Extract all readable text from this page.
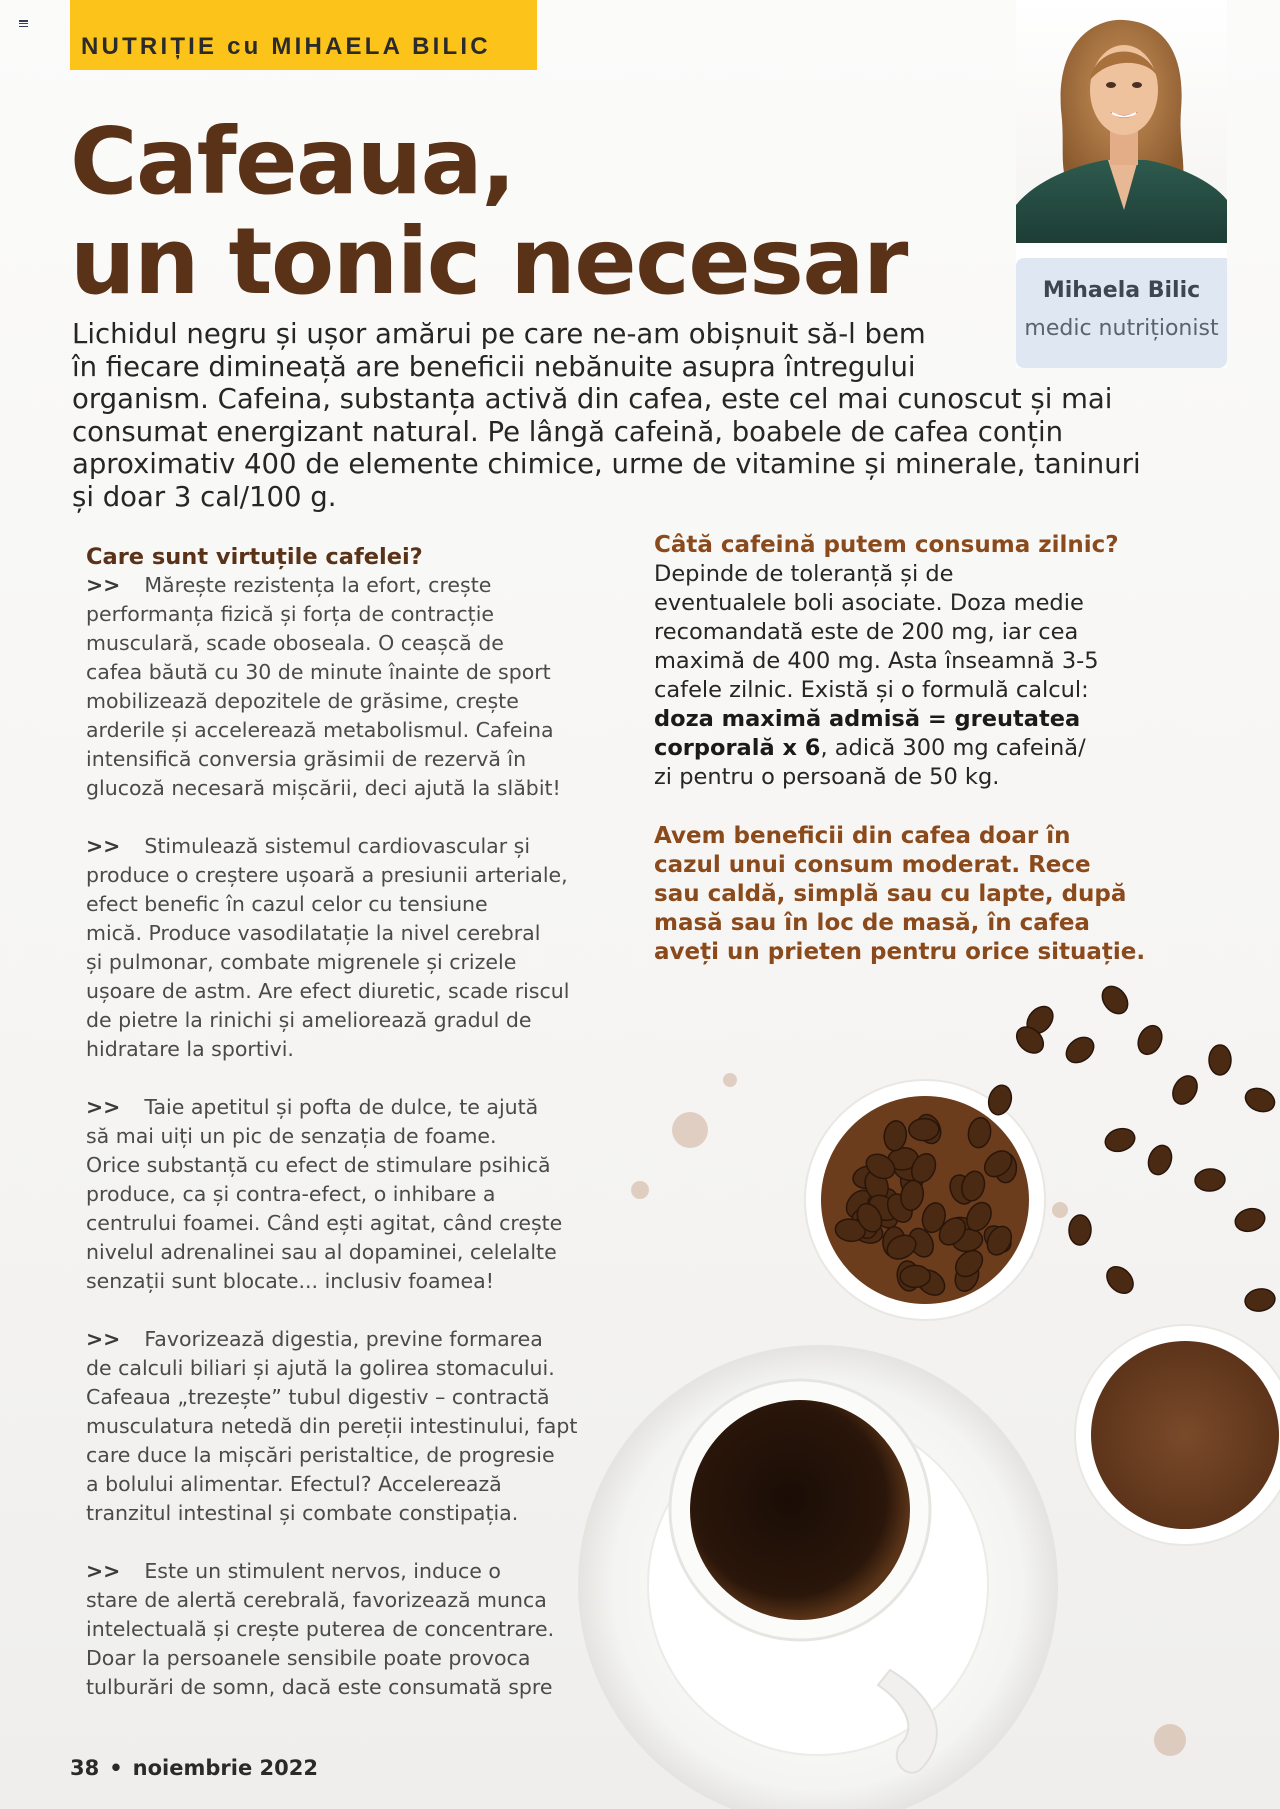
NUTRIȚIE cu MIHAELA BILIC
Cafeaua,
un tonic necesar	Mihaela Bilic
medic nutriționist
Lichidul negru și ușor amărui pe care ne-am obișnuit să-l bem
în fiecare dimineață are beneficii nebănuite asupra întregului
organism. Cafeina, substanța activă din cafea, este cel mai cunoscut și mai
consumat energizant natural. Pe lângă cafeină, boabele de cafea conțin
aproximativ 400 de elemente chimice, urme de vitamine și minerale, taninuri
și doar 3 cal/100 g.
Care sunt virtuțile cafelei?
>> Mărește rezistența la efort, crește
performanța fizică și forța de contracție
musculară, scade oboseala. O ceașcă de
cafea băută cu 30 de minute înainte de sport
mobilizează depozitele de grăsime, crește
arderile și accelerează metabolismul. Cafeina
intensifică conversia grăsimii de rezervă în
glucoză necesară mișcării, deci ajută la slăbit!
>> Stimulează sistemul cardiovascular și
produce o creștere ușoară a presiunii arteriale,
efect benefic în cazul celor cu tensiune
mică. Produce vasodilatație la nivel cerebral
și pulmonar, combate migrenele și crizele
ușoare de astm. Are efect diuretic, scade riscul
de pietre la rinichi și ameliorează gradul de
hidratare la sportivi.
>> Taie apetitul și pofta de dulce, te ajută
să mai uiți un pic de senzația de foame.
Orice substanță cu efect de stimulare psihică
produce, ca și contra-efect, o inhibare a
centrului foamei. Când ești agitat, când crește
nivelul adrenalinei sau al dopaminei, celelalte
senzații sunt blocate... inclusiv foamea!
>> Favorizează digestia, previne formarea
de calculi biliari și ajută la golirea stomacului.
Cafeaua „trezește” tubul digestiv – contractă
musculatura netedă din pereții intestinului, fapt
care duce la mișcări peristaltice, de progresie
a bolului alimentar. Efectul? Accelerează
tranzitul intestinal și combate constipația.
>> Este un stimulent nervos, induce o
stare de alertă cerebrală, favorizează munca
intelectuală și crește puterea de concentrare.
Doar la persoanele sensibile poate provoca
tulburări de somn, dacă este consumată spre
Câtă cafeină putem consuma zilnic?
Depinde de toleranță și de
eventualele boli asociate. Doza medie
recomandată este de 200 mg, iar cea
maximă de 400 mg. Asta înseamnă 3-5
cafele zilnic. Există și o formulă calcul:
doza maximă admisă = greutatea
corporală x 6, adică 300 mg cafeină/
zi pentru o persoană de 50 kg.
Avem beneficii din cafea doar în
cazul unui consum moderat. Rece
sau caldă, simplă sau cu lapte, după
masă sau în loc de masă, în cafea
aveți un prieten pentru orice situație.
38 • noiembrie 2022
